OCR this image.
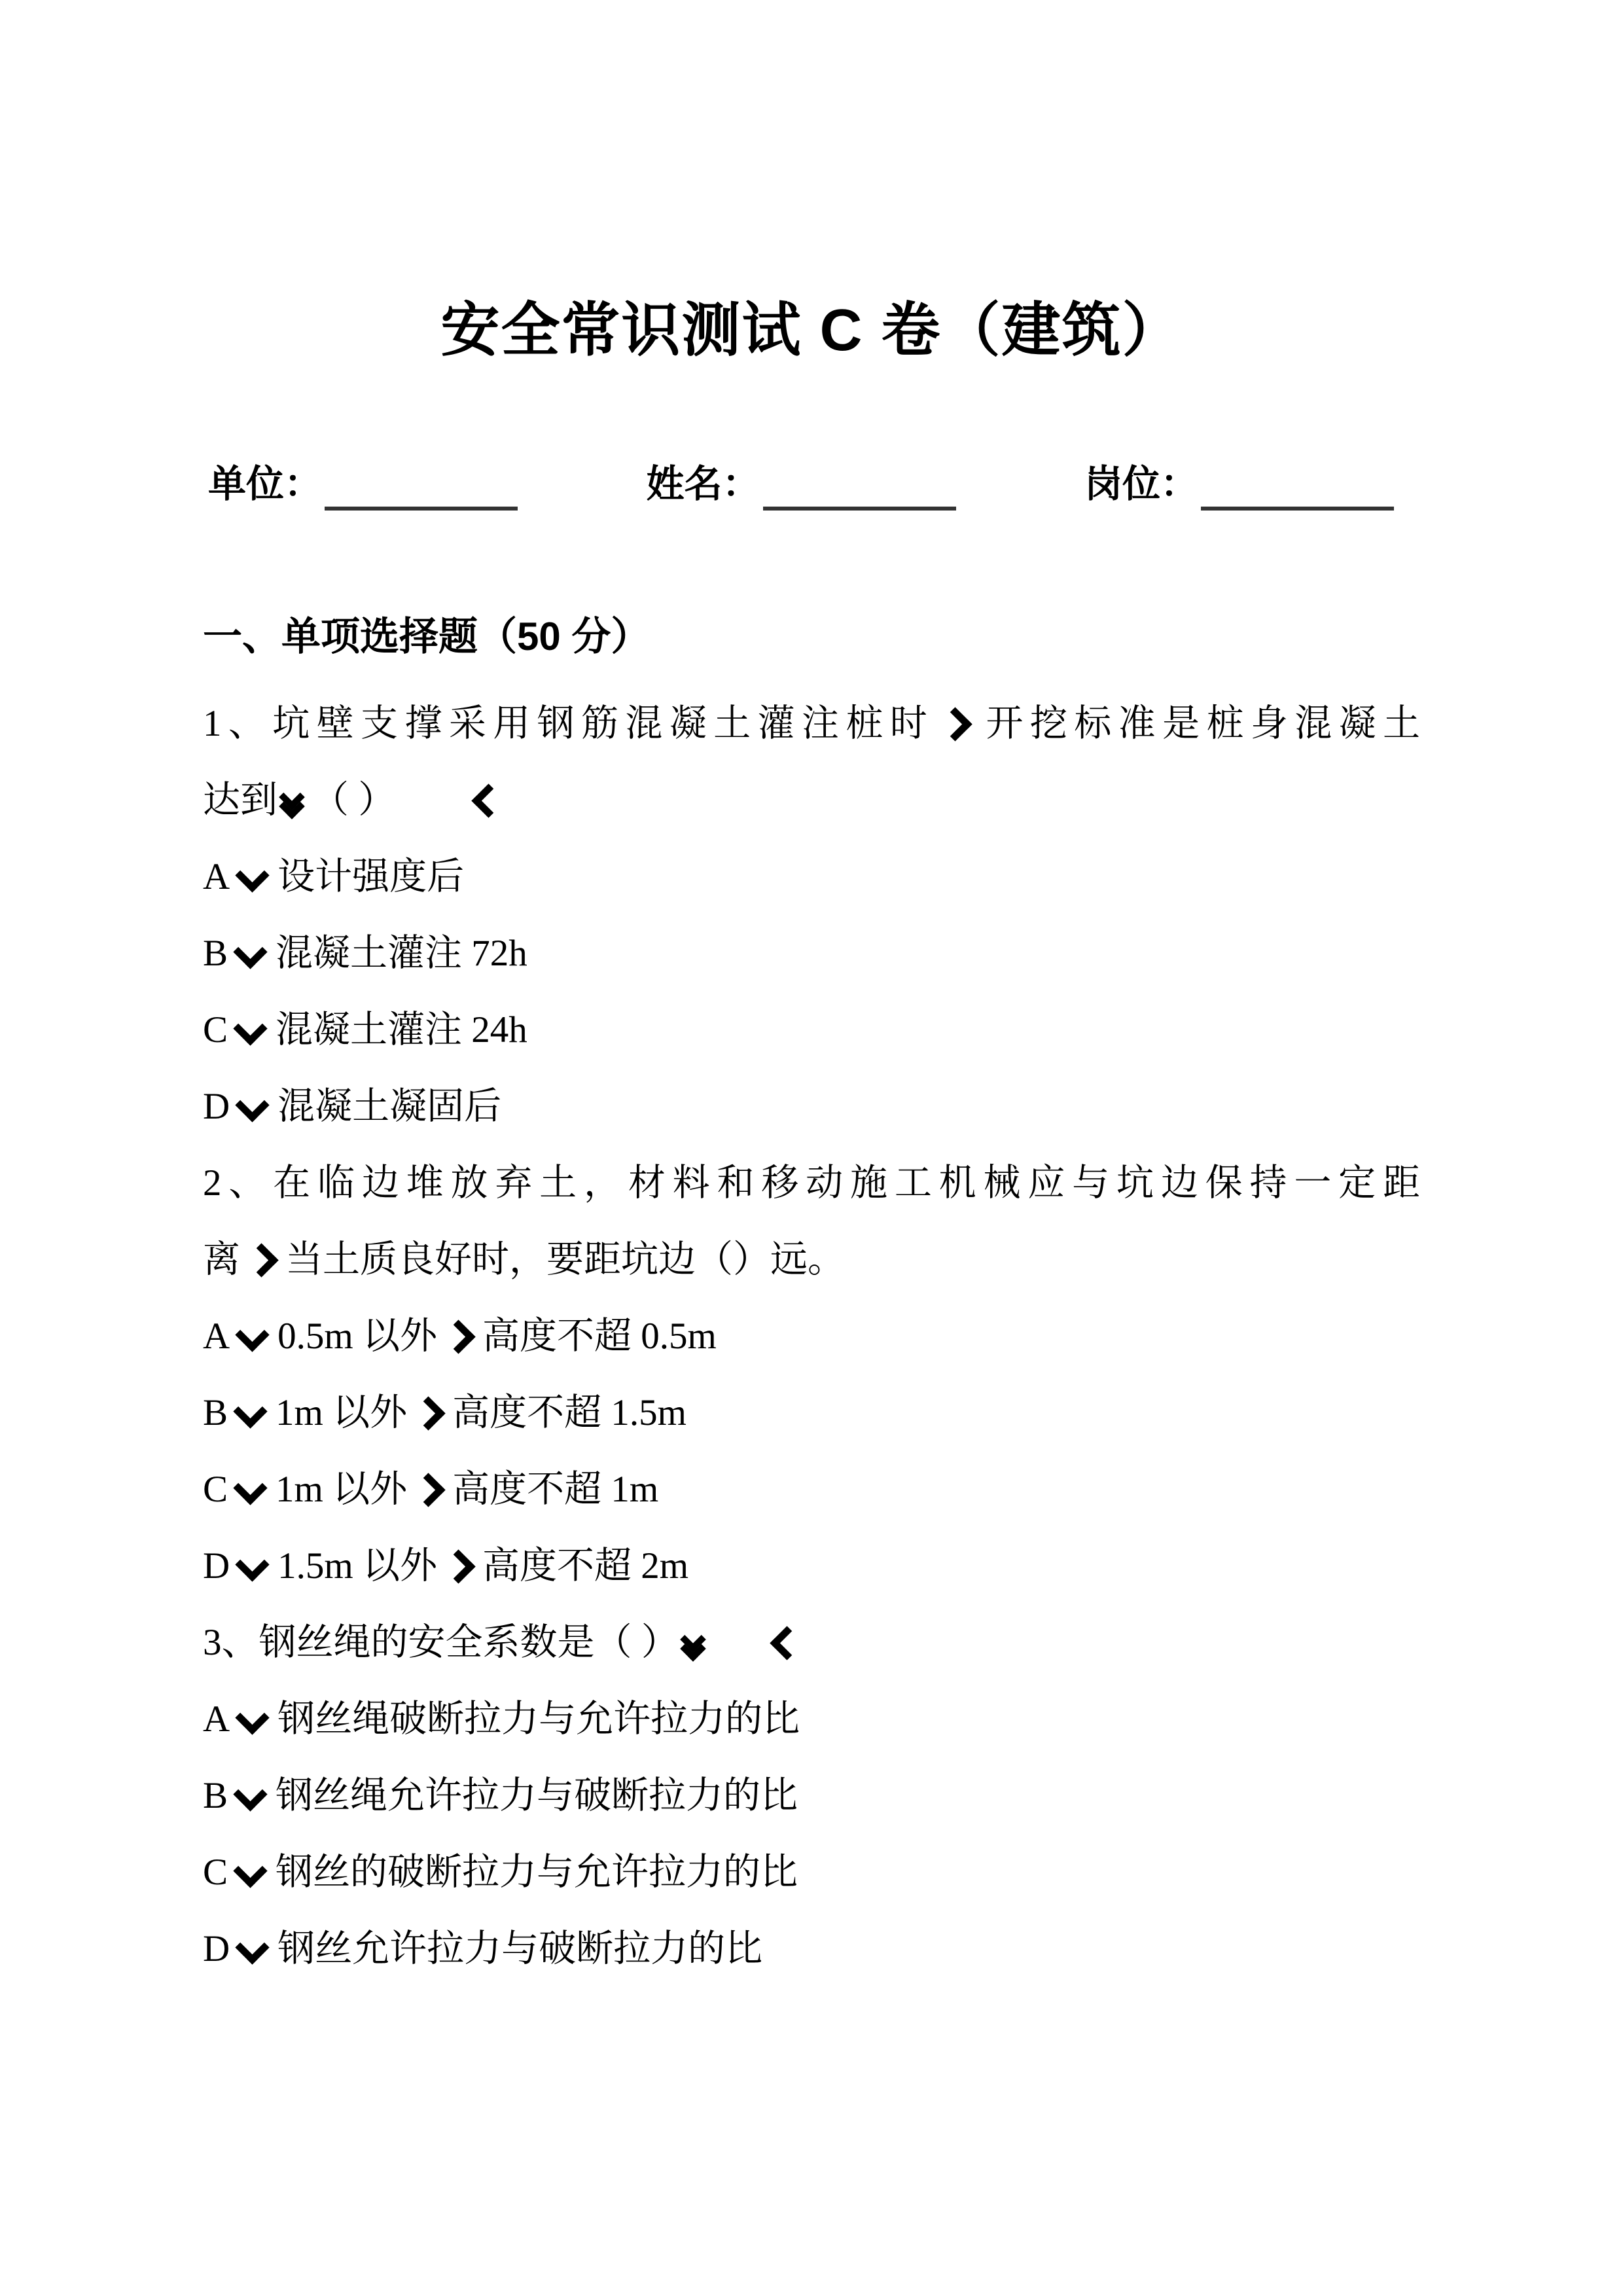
安全常识测试 C 卷（建筑）
单位：	姓名：	岗位：
一、单项选择题（50 分）
1、坑壁支撑采用钢筋混凝土灌注桩时 开挖标准是桩身混凝土
达到 （ ）
A 设计强度后
B 混凝土灌注 72h
C 混凝土灌注 24h
D 混凝土凝固后
2、在临边堆放弃土，材料和移动施工机械应与坑边保持一定距
离 当土质良好时，要距坑边（）远。
A 0.5m 以外 高度不超 0.5m
B 1m 以外 高度不超 1.5m
C 1m 以外 高度不超 1m
D 1.5m 以外 高度不超 2m
3、钢丝绳的安全系数是（ ）

A 钢丝绳破断拉力与允许拉力的比
B 钢丝绳允许拉力与破断拉力的比
C 钢丝的破断拉力与允许拉力的比
D 钢丝允许拉力与破断拉力的比
